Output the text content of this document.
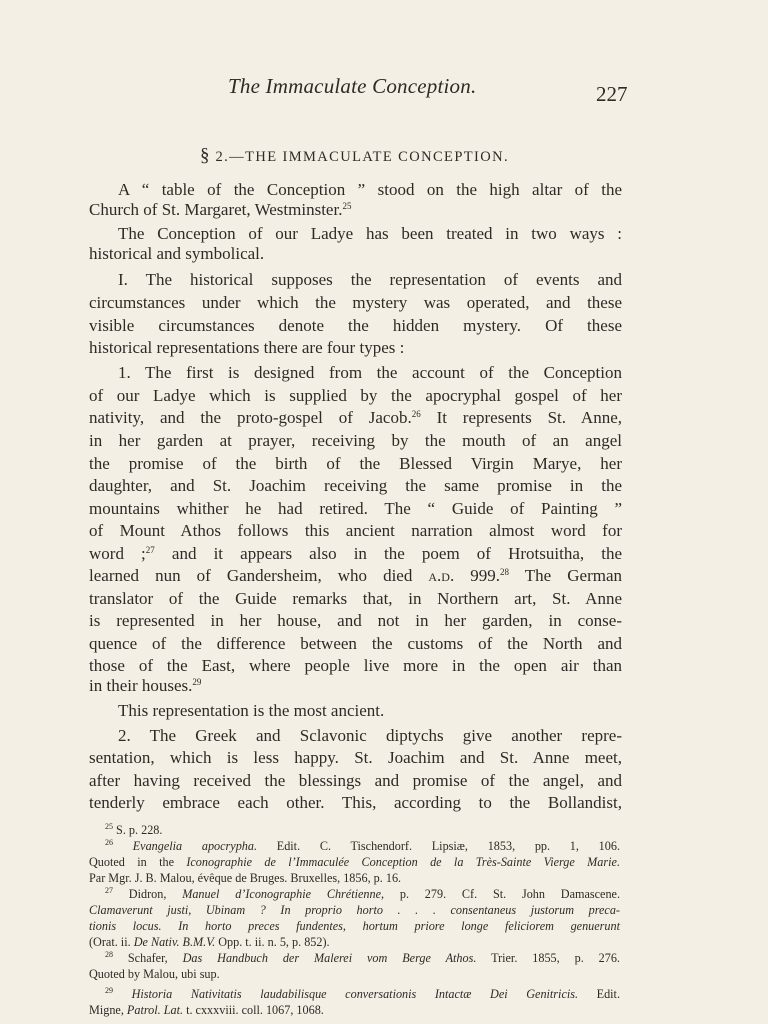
The Immaculate Conception.	227
§ 2.—THE IMMACULATE CONCEPTION.
A “ table of the Conception ” stood on the high altar of the
Church of St. Margaret, Westminster.$^{25}$
The Conception of our Ladye has been treated in two ways :
historical and symbolical.
I. The historical supposes the representation of events and
circumstances under which the mystery was operated, and these
visible circumstances denote the hidden mystery. Of these
historical representations there are four types :
1. The first is designed from the account of the Conception
of our Ladye which is supplied by the apocryphal gospel of her
nativity, and the proto-gospel of Jacob.$^{26}$ It represents St. Anne,
in her garden at prayer, receiving by the mouth of an angel
the promise of the birth of the Blessed Virgin Marye, her
daughter, and St. Joachim receiving the same promise in the
mountains whither he had retired. The “ Guide of Painting ”
of Mount Athos follows this ancient narration almost word for
word ;$^{27}$ and it appears also in the poem of Hrotsuitha, the
learned nun of Gandersheim, who died a.d. 999.28 The German
translator of the Guide remarks that, in Northern art, St. Anne
is represented in her house, and not in her garden, in conse-
quence of the difference between the customs of the North and
those of the East, where people live more in the open air than
in their houses.$^{29}$
This representation is the most ancient.
2. The Greek and Sclavonic diptychs give another repre-
sentation, which is less happy. St. Joachim and St. Anne meet,
after having received the blessings and promise of the angel, and
tenderly embrace each other. This, according to the Bollandist,
$^{25}$ S. p. 228.
$^{26}$ Evangelia apocrypha. Edit. C. Tischendorf. Lipsiæ, 1853, pp. 1, 106.
Quoted in the Iconographie de l’Immaculée Conception de la Très-Sainte Vierge Marie.
Par Mgr. J. B. Malou, évêque de Bruges. Bruxelles, 1856, p. 16.
$^{27}$ Didron, Manuel d’Iconographie Chrétienne, p. 279. Cf. St. John Damascene.
Clamaverunt justi, Ubinam ? In proprio horto . . . consentaneus justorum preca-
tionis locus. In horto preces fundentes, hortum priore longe feliciorem genuerunt
(Orat. ii. De Nativ. B.M.V. Opp. t. ii. n. 5, p. 852).
$^{28}$ Schafer, Das Handbuch der Malerei vom Berge Athos. Trier. 1855, p. 276.
Quoted by Malou, ubi sup.
$^{29}$ Historia Nativitatis laudabilisque conversationis Intactæ Dei Genitricis. Edit.
Migne, Patrol. Lat. t. cxxxviii. coll. 1067, 1068.
